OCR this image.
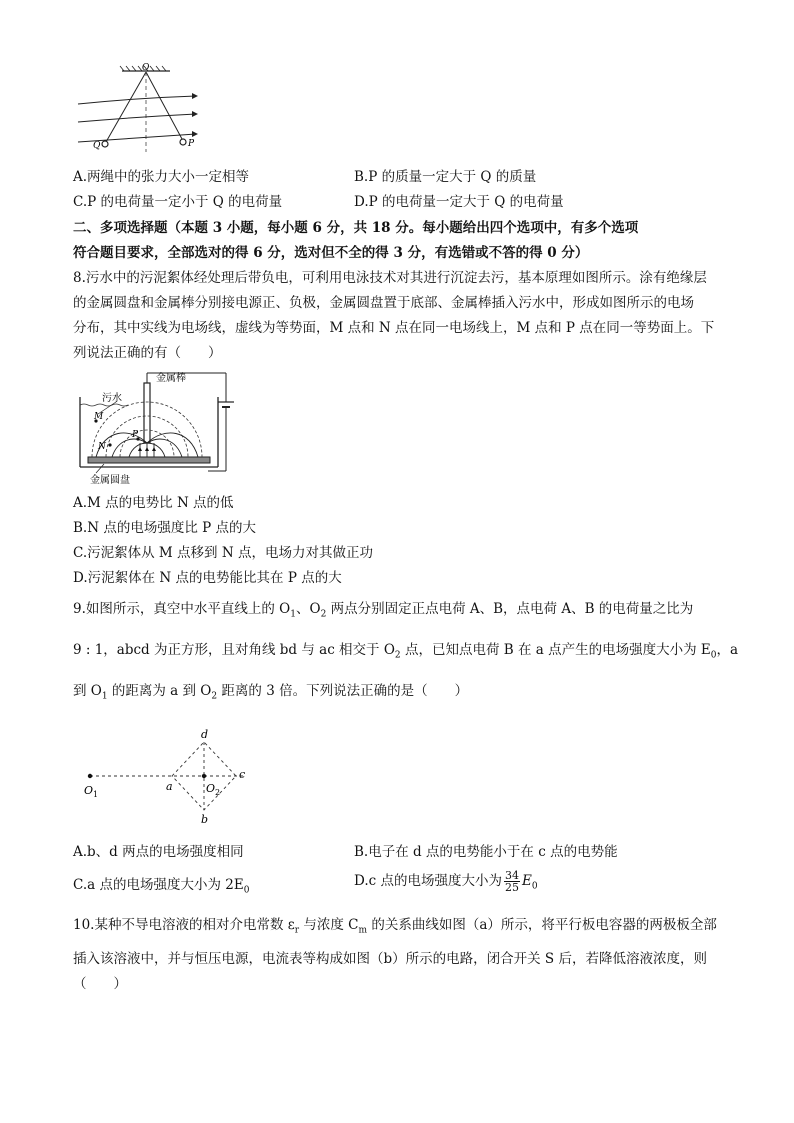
O
Q	P
A.两绳中的张力大小一定相等	B.P 的质量一定大于 Q 的质量
C.P 的电荷量一定小于 Q 的电荷量	D.P 的电荷量一定大于 Q 的电荷量
二、多项选择题（本题 3 小题，每小题 6 分，共 18 分。每小题给出四个选项中，有多个选项
符合题目要求，全部选对的得 6 分，选对但不全的得 3 分，有选错或不答的得 0 分）
8.污水中的污泥絮体经处理后带负电，可利用电泳技术对其进行沉淀去污，基本原理如图所示。涂有绝缘层
的金属圆盘和金属棒分别接电源正、负极，金属圆盘置于底部、金属棒插入污水中，形成如图所示的电场
分布，其中实线为电场线，虚线为等势面，M 点和 N 点在同一电场线上，M 点和 P 点在同一等势面上。下
列说法正确的有（　　）
污水
金属棒
M
N
P
金属圆盘
A.M 点的电势比 N 点的低
B.N 点的电场强度比 P 点的大
C.污泥絮体从 M 点移到 N 点，电场力对其做正功
D.污泥絮体在 N 点的电势能比其在 P 点的大
9.如图所示，真空中水平直线上的 $O_1$、$O_2$ 两点分别固定正点电荷 A、B，点电荷 A、B 的电荷量之比为
9 : 1，abcd 为正方形，且对角线 bd 与 ac 相交于 $O_2$ 点，已知点电荷 B 在 a 点产生的电场强度大小为 $E_0$，a
到 $O_1$ 的距离为 a 到 $O_2$ 距离的 3 倍。下列说法正确的是（　　）
d
c
a
b
$O_1$	$O_2$
A.b、d 两点的电场强度相同	B.电子在 d 点的电势能小于在 c 点的电势能
C.a 点的电场强度大小为 $2E_0$
D.c 点的电场强度大小为 $\frac{34}{25} E_0$
10.某种不导电溶液的相对介电常数 $\varepsilon_r$ 与浓度 $C_m$ 的关系曲线如图（a）所示，将平行板电容器的两极板全部
插入该溶液中，并与恒压电源，电流表等构成如图（b）所示的电路，闭合开关 S 后，若降低溶液浓度，则
（　　）
